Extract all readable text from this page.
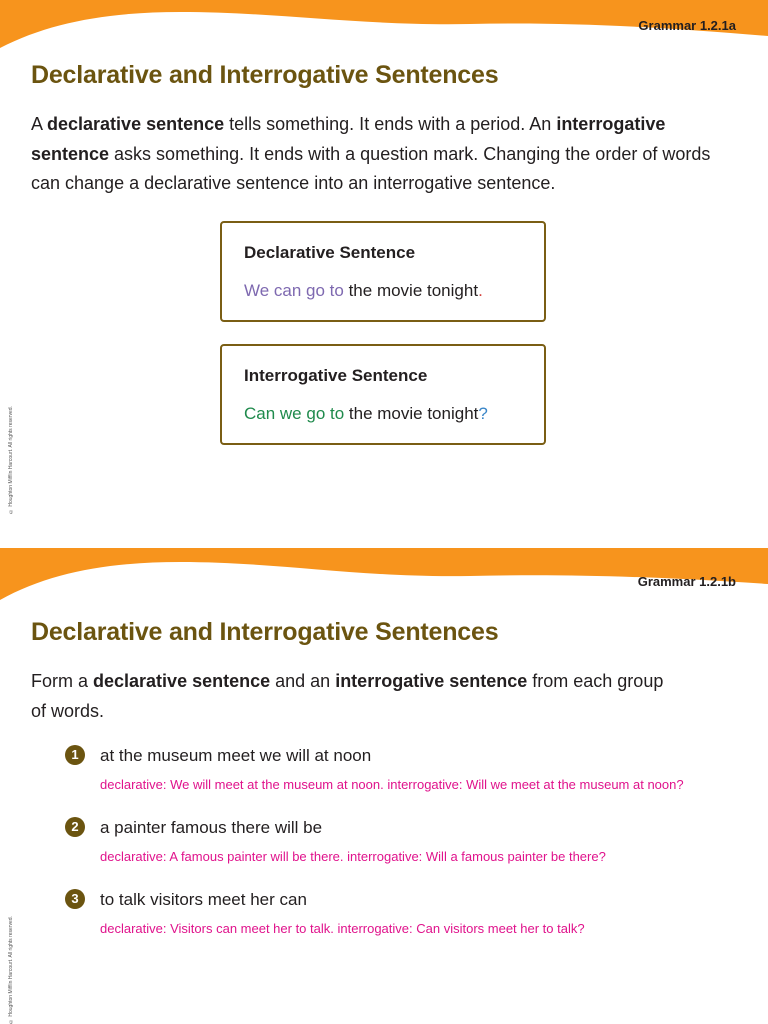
Grammar 1.2.1a
Declarative and Interrogative Sentences

A declarative sentence tells something. It ends with a period. An interrogative sentence asks something. It ends with a question mark. Changing the order of words can change a declarative sentence into an interrogative sentence.

Declarative Sentence

We can go to the movie tonight.

Interrogative Sentence

Can we go to the movie tonight?

© Houghton Mifflin Harcourt. All rights reserved.
Grammar 1.2.1b
Declarative and Interrogative Sentences

Form a declarative sentence and an interrogative sentence from each group of words.

1	at the museum meet we will at noon

declarative: We will meet at the museum at noon. interrogative: Will we meet at the museum at noon?

2	a painter famous there will be

declarative: A famous painter will be there. interrogative: Will a famous painter be there?

3	to talk visitors meet her can

declarative: Visitors can meet her to talk. interrogative: Can visitors meet her to talk?

© Houghton Mifflin Harcourt. All rights reserved.
